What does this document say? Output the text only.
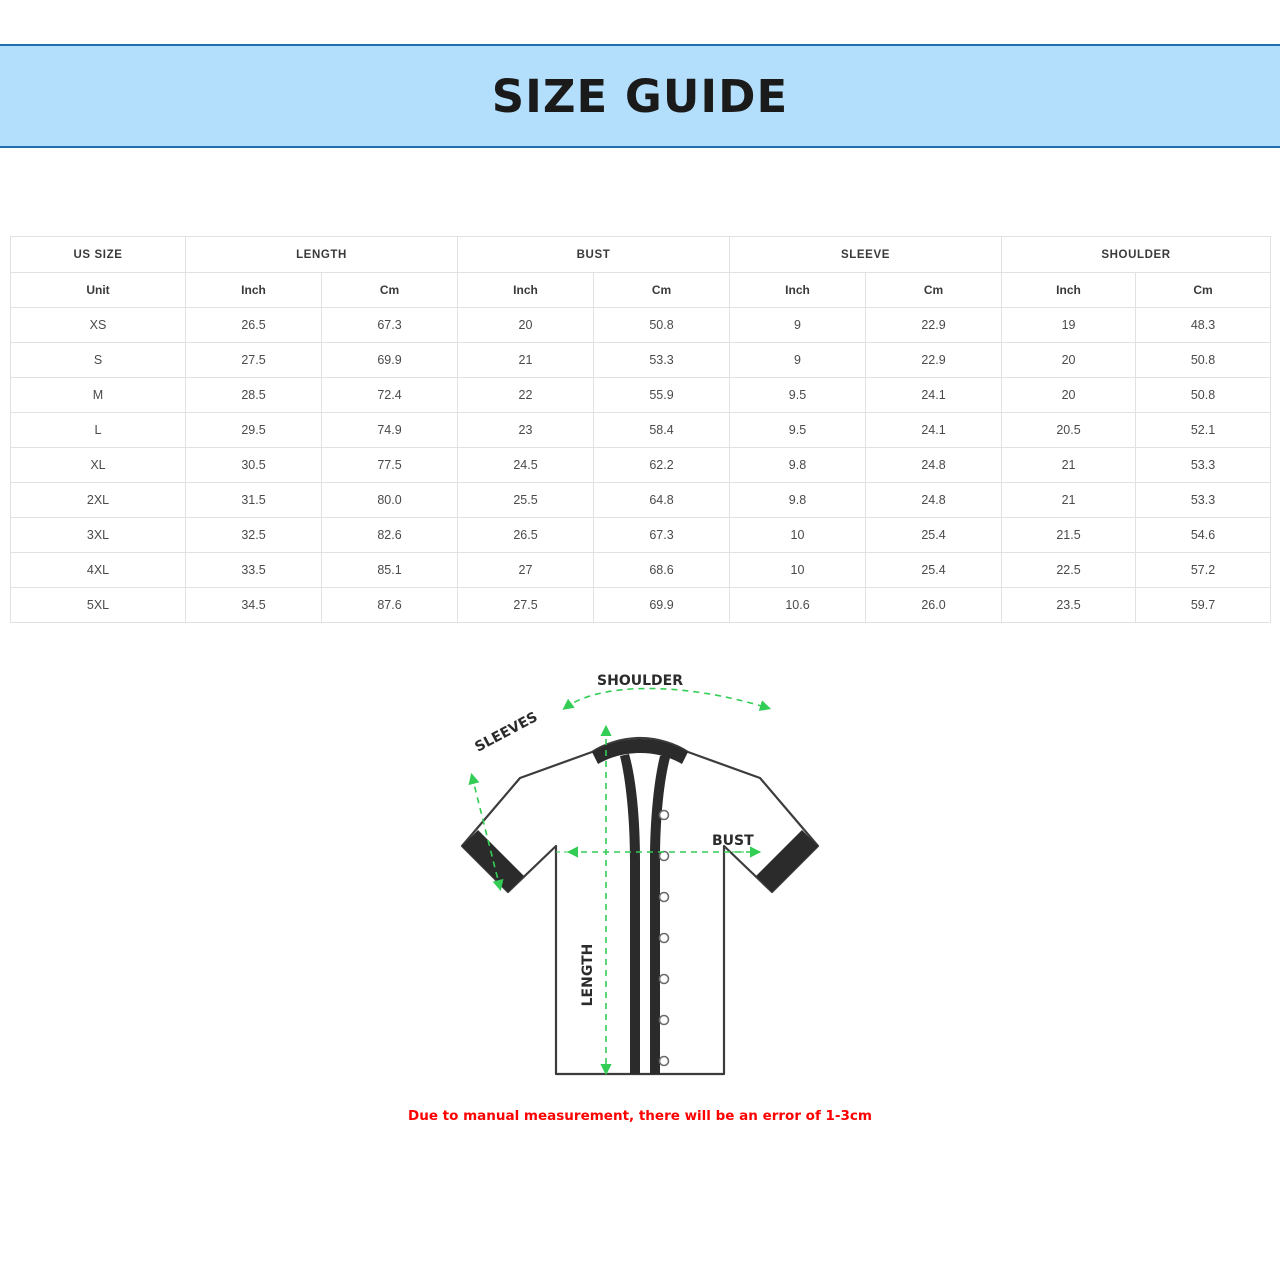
SIZE GUIDE
US SIZE	LENGTH		BUST		SLEEVE		SHOULDER	
Unit	Inch	Cm	Inch	Cm	Inch	Cm	Inch	Cm
XS	26.5	67.3	20	50.8	9	22.9	19	48.3
S	27.5	69.9	21	53.3	9	22.9	20	50.8
M	28.5	72.4	22	55.9	9.5	24.1	20	50.8
L	29.5	74.9	23	58.4	9.5	24.1	20.5	52.1
XL	30.5	77.5	24.5	62.2	9.8	24.8	21	53.3
2XL	31.5	80.0	25.5	64.8	9.8	24.8	21	53.3
3XL	32.5	82.6	26.5	67.3	10	25.4	21.5	54.6
4XL	33.5	85.1	27	68.6	10	25.4	22.5	57.2
5XL	34.5	87.6	27.5	69.9	10.6	26.0	23.5	59.7
SHOULDER
SLEEVES
BUST
LENGTH
Due to manual measurement, there will be an error of 1-3cm
